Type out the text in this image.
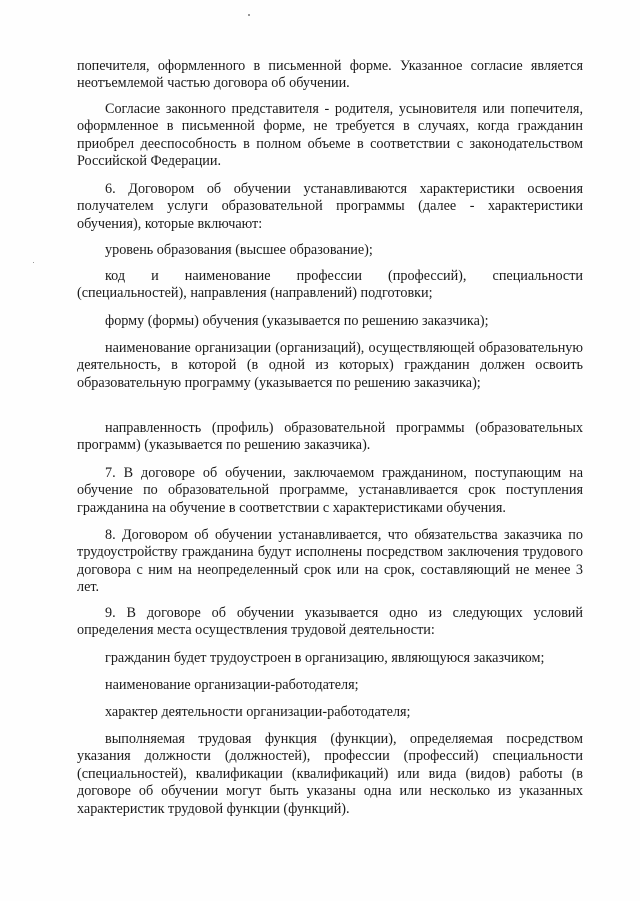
попечителя, оформленного в письменной форме. Указанное согласие является неотъемлемой частью договора об обучении.

Согласие законного представителя - родителя, усыновителя или попечителя, оформленное в письменной форме, не требуется в случаях, когда гражданин приобрел дееспособность в полном объеме в соответствии с законодательством Российской Федерации.

6. Договором об обучении устанавливаются характеристики освоения получателем услуги образовательной программы (далее - характеристики обучения), которые включают:

уровень образования (высшее образование);

код и наименование профессии (профессий), специальности (специальностей), направления (направлений) подготовки;

форму (формы) обучения (указывается по решению заказчика);

наименование организации (организаций), осуществляющей образовательную деятельность, в которой (в одной из которых) гражданин должен освоить образовательную программу (указывается по решению заказчика);

направленность (профиль) образовательной программы (образовательных программ) (указывается по решению заказчика).

7. В договоре об обучении, заключаемом гражданином, поступающим на обучение по образовательной программе, устанавливается срок поступления гражданина на обучение в соответствии с характеристиками обучения.

8. Договором об обучении устанавливается, что обязательства заказчика по трудоустройству гражданина будут исполнены посредством заключения трудового договора с ним на неопределенный срок или на срок, составляющий не менее 3 лет.

9. В договоре об обучении указывается одно из следующих условий определения места осуществления трудовой деятельности:

гражданин будет трудоустроен в организацию, являющуюся заказчиком;

наименование организации-работодателя;

характер деятельности организации-работодателя;

выполняемая трудовая функция (функции), определяемая посредством указания должности (должностей), профессии (профессий) специальности (специальностей), квалификации (квалификаций) или вида (видов) работы (в договоре об обучении могут быть указаны одна или несколько из указанных характеристик трудовой функции (функций).
